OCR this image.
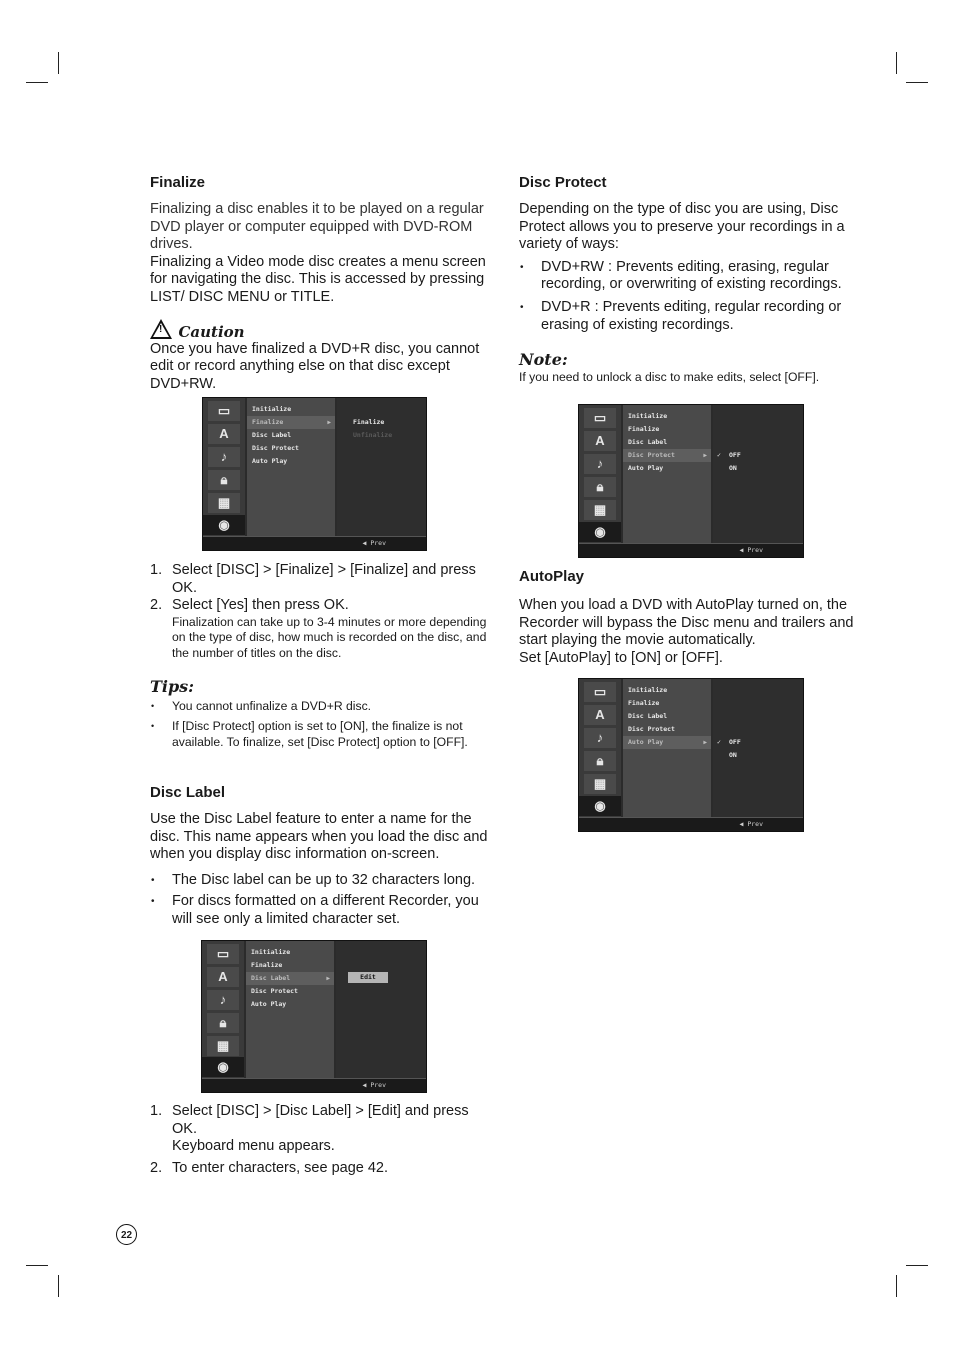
Finalize

Finalizing a disc enables it to be played on a regular DVD player or computer equipped with DVD-ROM drives.

Finalizing a Video mode disc creates a menu screen for navigating the disc. This is accessed by pressing LIST/ DISC MENU or TITLE.

! Caution

Once you have finalized a DVD+R disc, you cannot edit or record anything else on that disc except DVD+RW.

▭
A
♪
🔒︎
▦
◉
Initialize
Finalize	▶
Disc Label
Disc Protect
Auto Play
Finalize
Unfinalize
◀ Prev

1. Select [DISC] > [Finalize] > [Finalize] and press OK.

2. Select [Yes] then press OK.

Finalization can take up to 3-4 minutes or more depending on the type of disc, how much is recorded on the disc, and the number of titles on the disc.

Tips:

• You cannot unfinalize a DVD+R disc.

• If [Disc Protect] option is set to [ON], the finalize is not available. To finalize, set [Disc Protect] option to [OFF].

Disc Label

Use the Disc Label feature to enter a name for the disc. This name appears when you load the disc and when you display disc information on-screen.

• The Disc label can be up to 32 characters long.

• For discs formatted on a different Recorder, you will see only a limited character set.

▭
A
♪
🔒︎
▦
◉
Initialize
Finalize
Disc Label	▶
Disc Protect
Auto Play
Edit
◀ Prev

1. Select [DISC] > [Disc Label] > [Edit] and press OK.

Keyboard menu appears.

2. To enter characters, see page 42.

Disc Protect

Depending on the type of disc you are using, Disc Protect allows you to preserve your recordings in a variety of ways:

• DVD+RW : Prevents editing, erasing, regular recording, or overwriting of existing recordings.

• DVD+R : Prevents editing, regular recording or erasing of existing recordings.

Note:

If you need to unlock a disc to make edits, select [OFF].

▭
A
♪
🔒︎
▦
◉
Initialize
Finalize
Disc Label
Disc Protect	▶
Auto Play
✓ OFF
ON
◀ Prev

AutoPlay

When you load a DVD with AutoPlay turned on, the Recorder will bypass the Disc menu and trailers and start playing the movie automatically.

Set [AutoPlay] to [ON] or [OFF].

▭
A
♪
🔒︎
▦
◉
Initialize
Finalize
Disc Label
Disc Protect
Auto Play	▶ ✓ OFF
ON
◀ Prev
22
